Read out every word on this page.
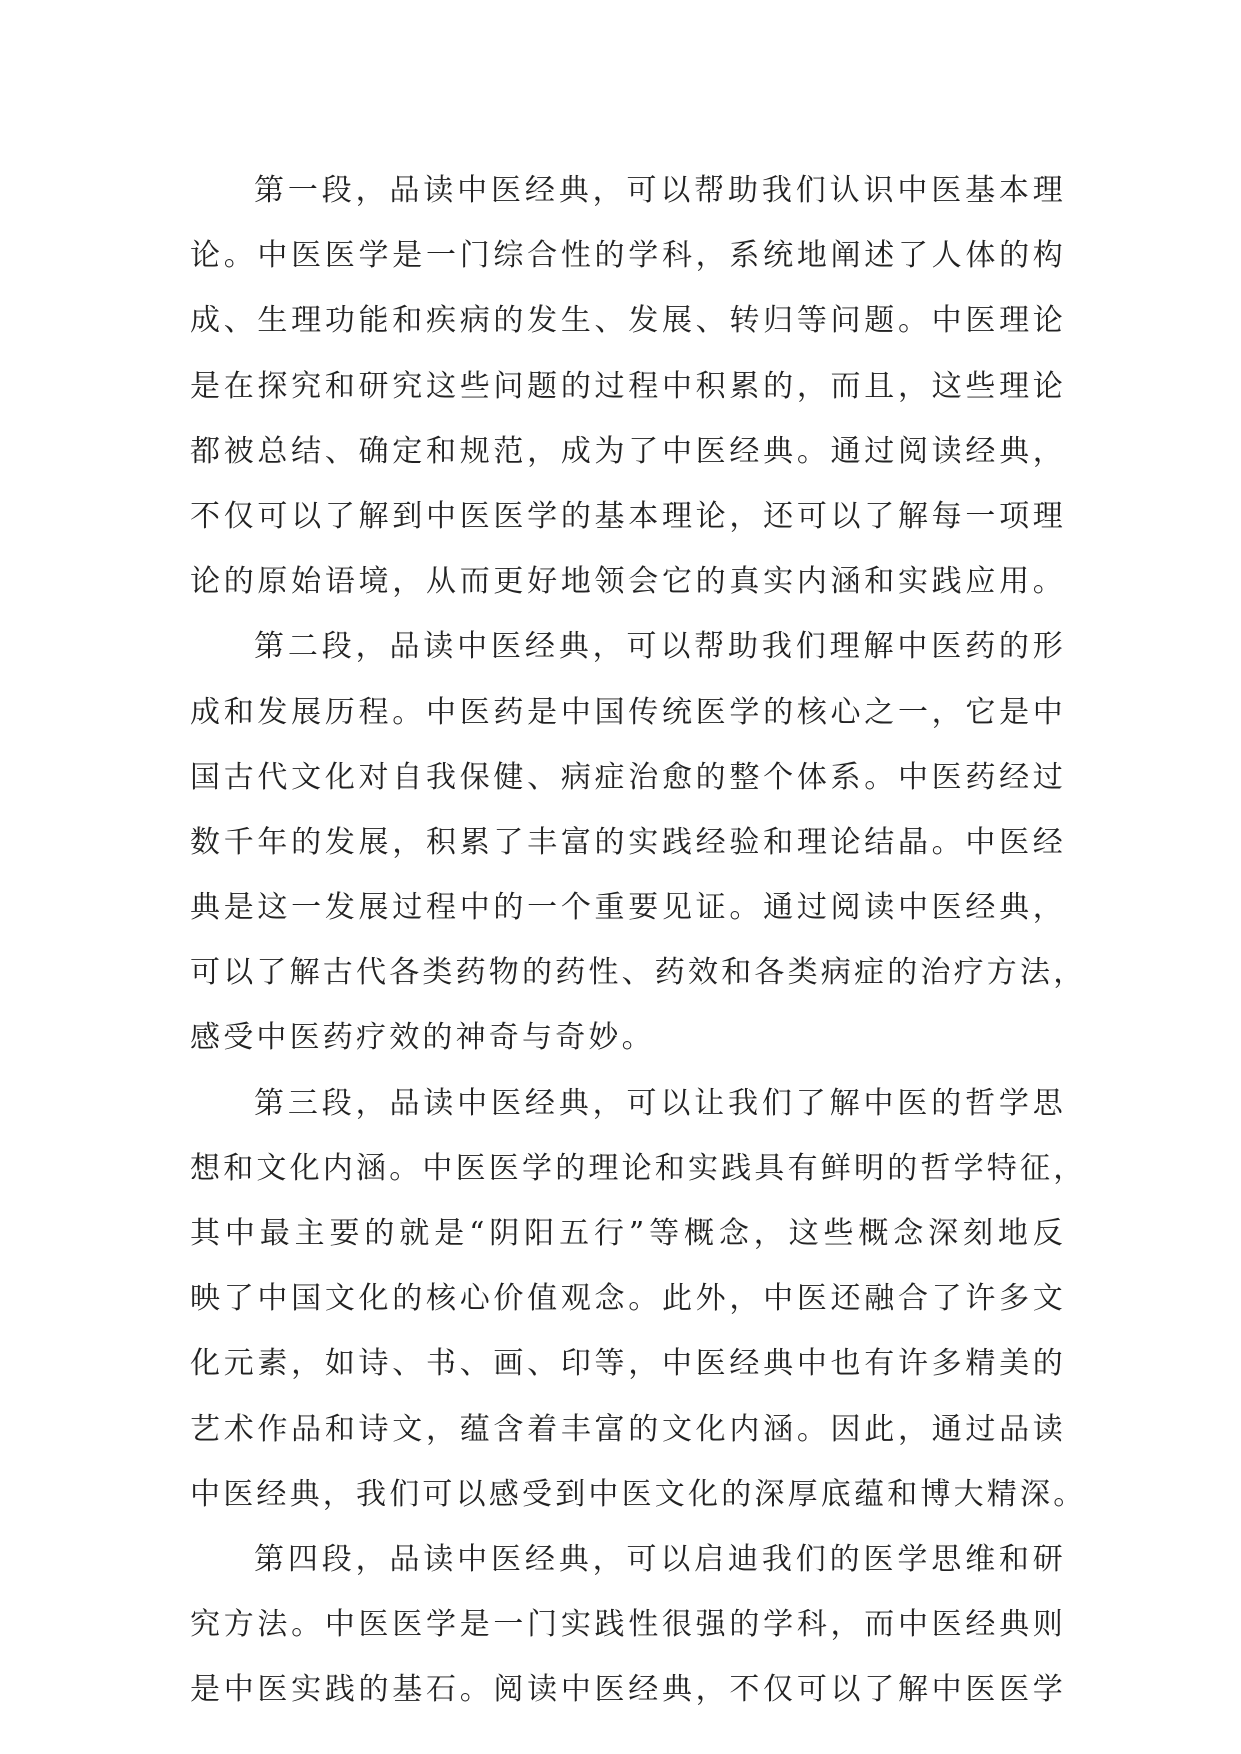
第一段，品读中医经典，可以帮助我们认识中医基本理
论。中医医学是一门综合性的学科，系统地阐述了人体的构
成、生理功能和疾病的发生、发展、转归等问题。中医理论
是在探究和研究这些问题的过程中积累的，而且，这些理论
都被总结、确定和规范，成为了中医经典。通过阅读经典，
不仅可以了解到中医医学的基本理论，还可以了解每一项理
论的原始语境，从而更好地领会它的真实内涵和实践应用。
第二段，品读中医经典，可以帮助我们理解中医药的形
成和发展历程。中医药是中国传统医学的核心之一，它是中
国古代文化对自我保健、病症治愈的整个体系。中医药经过
数千年的发展，积累了丰富的实践经验和理论结晶。中医经
典是这一发展过程中的一个重要见证。通过阅读中医经典，
可以了解古代各类药物的药性、药效和各类病症的治疗方法，
感受中医药疗效的神奇与奇妙。
第三段，品读中医经典，可以让我们了解中医的哲学思
想和文化内涵。中医医学的理论和实践具有鲜明的哲学特征，
其中最主要的就是“阴阳五行”等概念，这些概念深刻地反
映了中国文化的核心价值观念。此外，中医还融合了许多文
化元素，如诗、书、画、印等，中医经典中也有许多精美的
艺术作品和诗文，蕴含着丰富的文化内涵。因此，通过品读
中医经典，我们可以感受到中医文化的深厚底蕴和博大精深。
第四段，品读中医经典，可以启迪我们的医学思维和研
究方法。中医医学是一门实践性很强的学科，而中医经典则
是中医实践的基石。阅读中医经典，不仅可以了解中医医学
